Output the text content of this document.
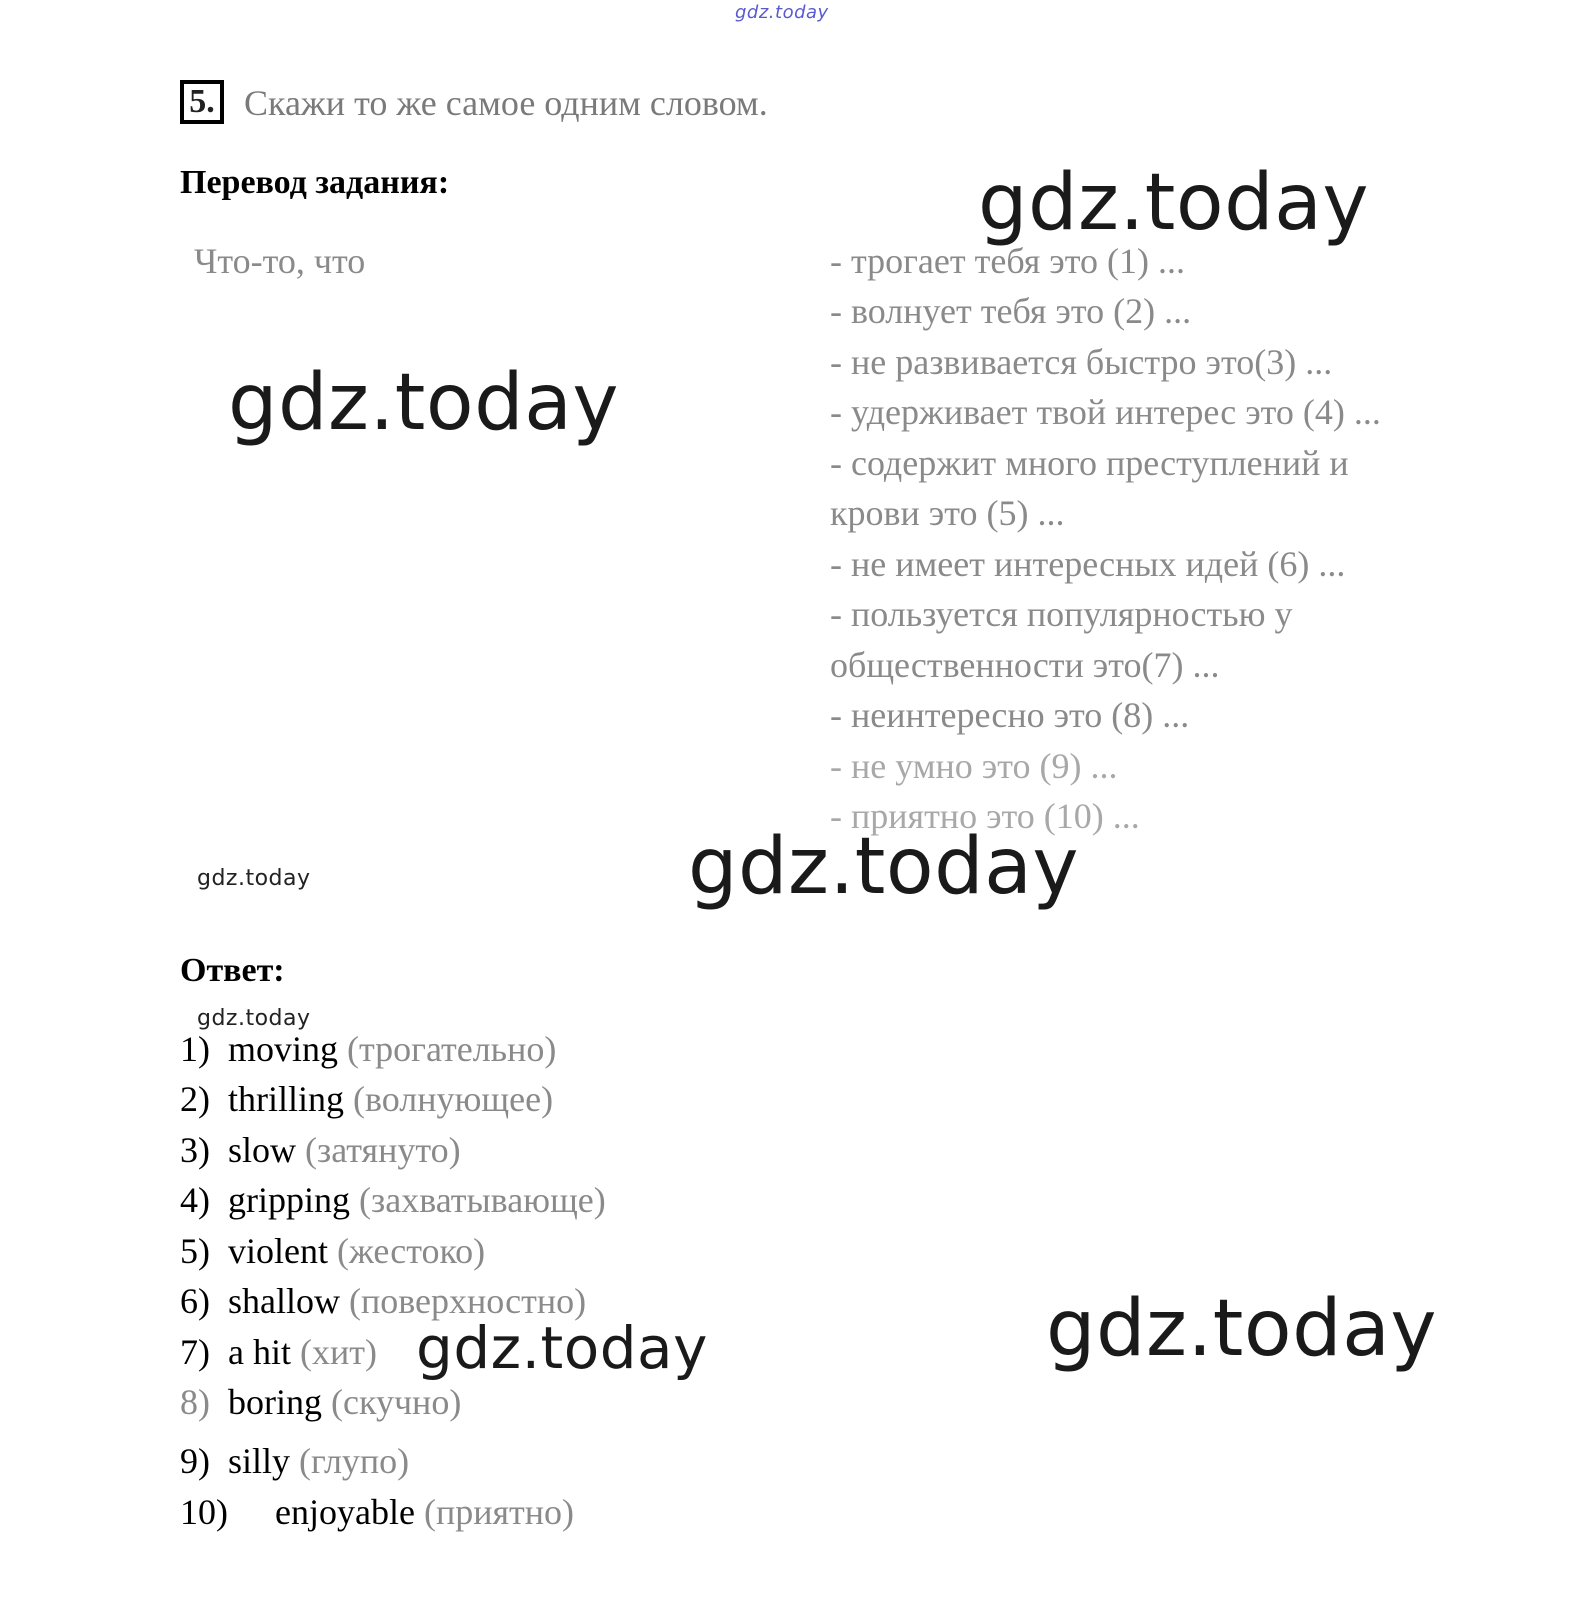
gdz.today
gdz.today
gdz.today
gdz.today
gdz.today
gdz.today
gdz.today
gdz.today
5. Скажи то же самое одним словом.
Перевод задания:
Что-то, что	- трогает тебя это (1) ...
- волнует тебя это (2) ...
- не развивается быстро это(3) ...
- удерживает твой интерес это (4) ...
- содержит много преступлений и
крови это (5) ...
- не имеет интересных идей (6) ...
- пользуется популярностью у
общественности это(7) ...
- неинтересно это (8) ...
- не умно это (9) ...
- приятно это (10) ...
Ответ:
1) moving (трогательно)
2) thrilling (волнующее)
3) slow (затянуто)
4) gripping (захватывающе)
5) violent (жестоко)
6) shallow (поверхностно)
7) a hit (хит)
8) boring (скучно)
9) silly (глупо)
10) enjoyable (приятно)
